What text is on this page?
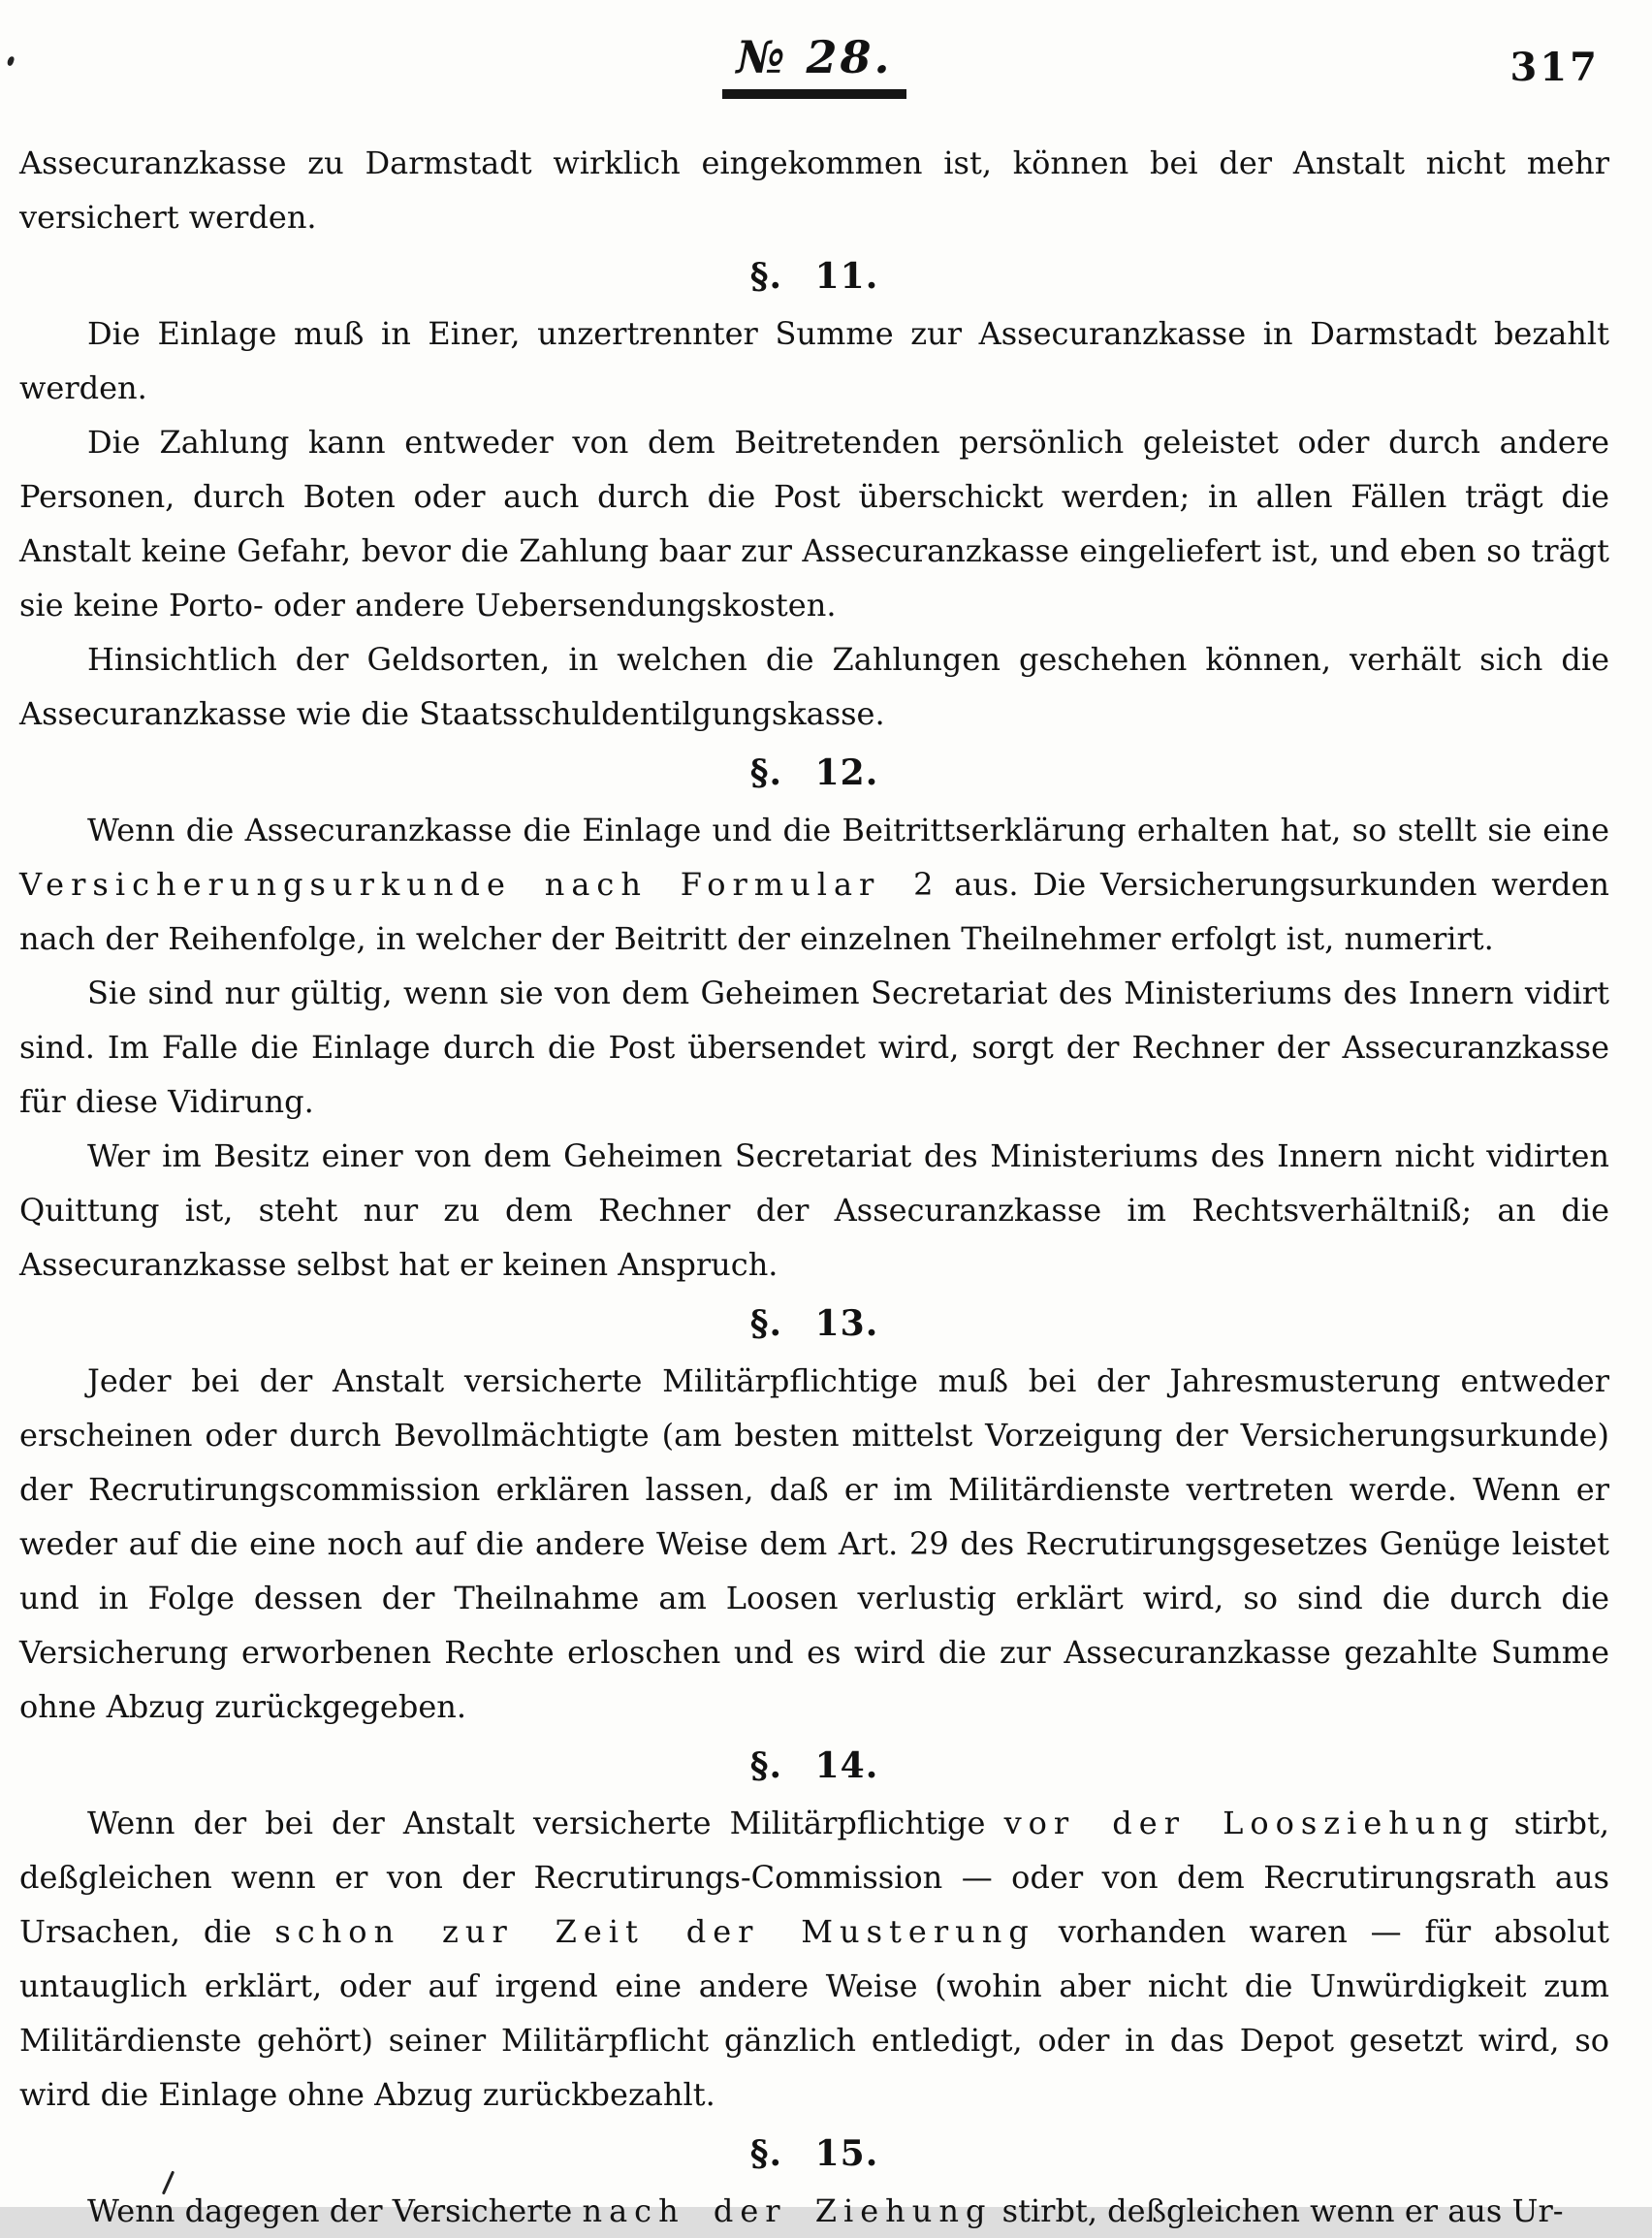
№ 28.	317

Assecuranzkasse zu Darmstadt wirklich eingekommen ist, können bei der Anstalt nicht mehr versichert werden.

§. 11.

Die Einlage muß in Einer, unzertrennter Summe zur Assecuranzkasse in Darmstadt bezahlt werden.

Die Zahlung kann entweder von dem Beitretenden persönlich geleistet oder durch andere Personen, durch Boten oder auch durch die Post überschickt werden; in allen Fällen trägt die Anstalt keine Gefahr, bevor die Zahlung baar zur Assecuranzkasse eingeliefert ist, und eben so trägt sie keine Porto- oder andere Uebersendungskosten.

Hinsichtlich der Geldsorten, in welchen die Zahlungen geschehen können, verhält sich die Assecuranzkasse wie die Staatsschuldentilgungskasse.

§. 12.

Wenn die Assecuranzkasse die Einlage und die Beitrittserklärung erhalten hat, so stellt sie eine Versicherungsurkunde nach Formular 2 aus. Die Versicherungsurkunden werden nach der Reihenfolge, in welcher der Beitritt der einzelnen Theilnehmer erfolgt ist, numerirt.

Sie sind nur gültig, wenn sie von dem Geheimen Secretariat des Ministeriums des Innern vidirt sind. Im Falle die Einlage durch die Post übersendet wird, sorgt der Rechner der Assecuranzkasse für diese Vidirung.

Wer im Besitz einer von dem Geheimen Secretariat des Ministeriums des Innern nicht vidirten Quittung ist, steht nur zu dem Rechner der Assecuranzkasse im Rechtsverhältniß; an die Assecuranzkasse selbst hat er keinen Anspruch.

§. 13.

Jeder bei der Anstalt versicherte Militärpflichtige muß bei der Jahresmusterung entweder erscheinen oder durch Bevollmächtigte (am besten mittelst Vorzeigung der Versicherungsurkunde) der Recrutirungscommission erklären lassen, daß er im Militärdienste vertreten werde. Wenn er weder auf die eine noch auf die andere Weise dem Art. 29 des Recrutirungsgesetzes Genüge leistet und in Folge dessen der Theilnahme am Loosen verlustig erklärt wird, so sind die durch die Versicherung erworbenen Rechte erloschen und es wird die zur Assecuranzkasse gezahlte Summe ohne Abzug zurückgegeben.

§. 14.

Wenn der bei der Anstalt versicherte Militärpflichtige vor der Loosziehung stirbt, deßgleichen wenn er von der Recrutirungs-Commission — oder von dem Recrutirungsrath aus Ursachen, die schon zur Zeit der Musterung vorhanden waren — für absolut untauglich erklärt, oder auf irgend eine andere Weise (wohin aber nicht die Unwürdigkeit zum Militärdienste gehört) seiner Militärpflicht gänzlich entledigt, oder in das Depot gesetzt wird, so wird die Einlage ohne Abzug zurückbezahlt.

§. 15.

Wenn dagegen der Versicherte nach der Ziehung stirbt, deßgleichen wenn er aus Ur-
